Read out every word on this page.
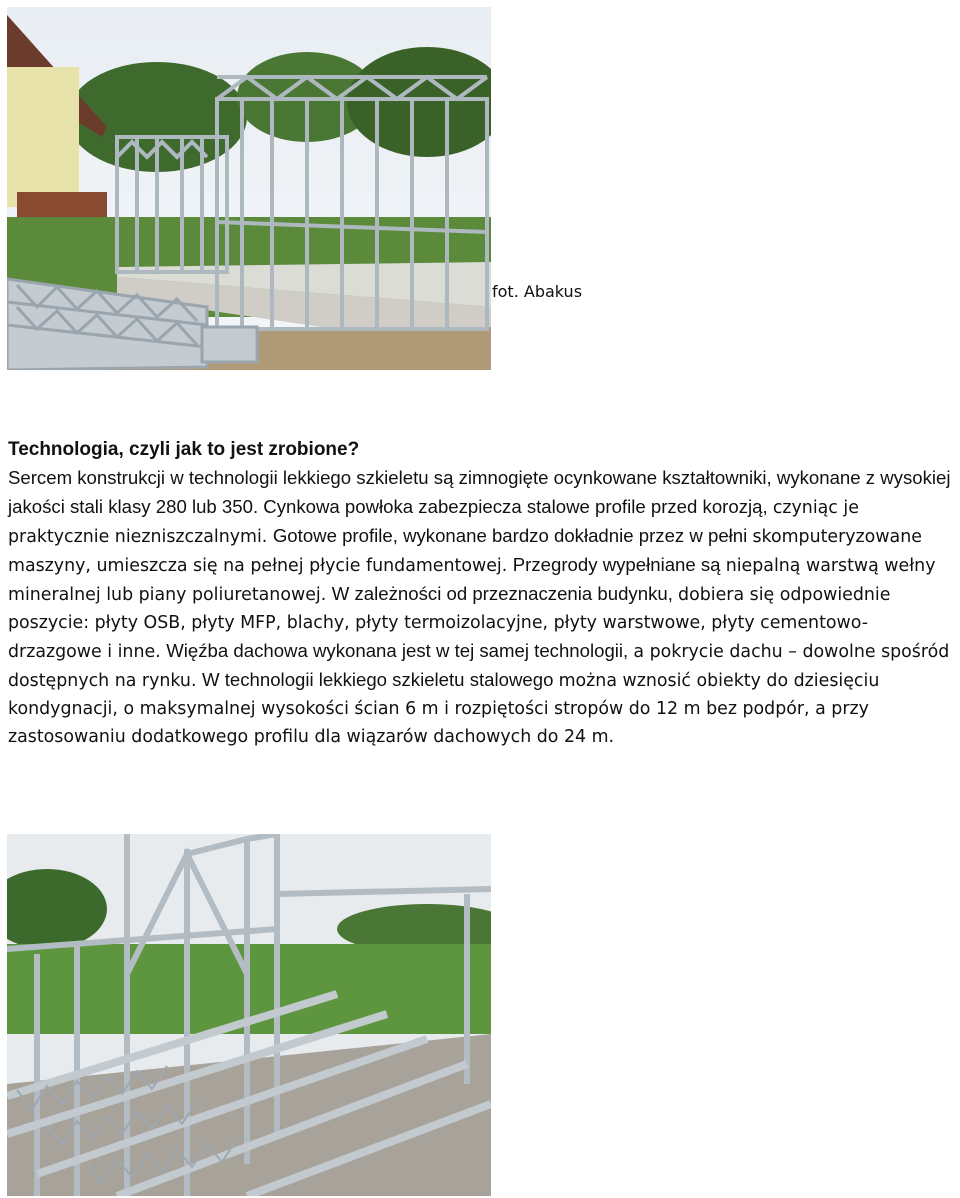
fot. Abakus
Technologia, czyli jak to jest zrobione?
Sercem konstrukcji w technologii lekkiego szkieletu są zimnogięte ocynkowane kształtowniki, wykonane z wysokiej jakości stali klasy 280 lub 350. Cynkowa powłoka zabezpiecza stalowe profile przed korozją, czyniąc je praktycznie niezniszczalnymi. Gotowe profile, wykonane bardzo dokładnie przez w pełni skomputeryzowane maszyny, umieszcza się na pełnej płycie fundamentowej. Przegrody wypełniane są niepalną warstwą wełny mineralnej lub piany poliuretanowej. W zależności od przeznaczenia budynku, dobiera się odpowiednie poszycie: płyty OSB, płyty MFP, blachy, płyty termoizolacyjne, płyty warstwowe, płyty cementowo-drzazgowe i inne. Więźba dachowa wykonana jest w tej samej technologii, a pokrycie dachu – dowolne spośród dostępnych na rynku. W technologii lekkiego szkieletu stalowego można wznosić obiekty do dziesięciu kondygnacji, o maksymalnej wysokości ścian 6 m i rozpiętości stropów do 12 m bez podpór, a przy zastosowaniu dodatkowego profilu dla wiązarów dachowych do 24 m.
